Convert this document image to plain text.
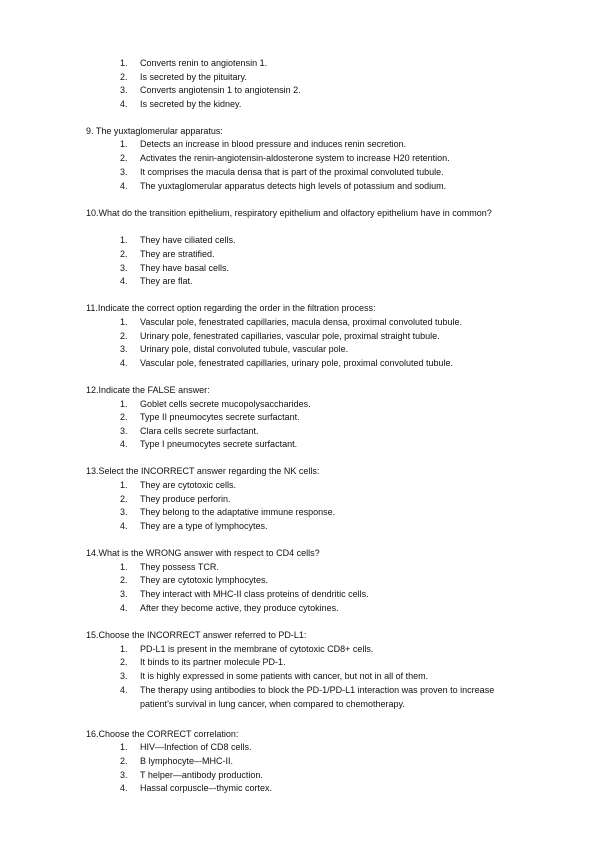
1.	Converts renin to angiotensin 1.
2.	Is secreted by the pituitary.
3.	Converts angiotensin 1 to angiotensin 2.
4.	Is secreted by the kidney.
9. The yuxtaglomerular apparatus:
1.	Detects an increase in blood pressure and induces renin secretion.
2.	Activates the renin-angiotensin-aldosterone system to increase H20 retention.
3.	It comprises the macula densa that is part of the proximal convoluted tubule.
4.	The yuxtaglomerular apparatus detects high levels of potassium and sodium.
10.What do the transition epithelium, respiratory epithelium and olfactory epithelium have in common?
1.	They have ciliated cells.
2.	They are stratified.
3.	They have basal cells.
4.	They are flat.
11.Indicate the correct option regarding the order in the filtration process:
1.	Vascular pole, fenestrated capillaries, macula densa, proximal convoluted tubule.
2.	Urinary pole, fenestrated capillaries, vascular pole, proximal straight tubule.
3.	Urinary pole, distal convoluted tubule, vascular pole.
4.	Vascular pole, fenestrated capillaries, urinary pole, proximal convoluted tubule.
12.Indicate the FALSE answer:
1.	Goblet cells secrete mucopolysaccharides.
2.	Type II pneumocytes secrete surfactant.
3.	Clara cells secrete surfactant.
4.	Type I pneumocytes secrete surfactant.
13.Select the INCORRECT answer regarding the NK cells:
1.	They are cytotoxic cells.
2.	They produce perforin.
3.	They belong to the adaptative immune response.
4.	They are a type of lymphocytes.
14.What is the WRONG answer with respect to CD4 cells?
1.	They possess TCR.
2.	They are cytotoxic lymphocytes.
3.	They interact with MHC-II class proteins of dendritic cells.
4.	After they become active, they produce cytokines.
15.Choose the INCORRECT answer referred to PD-L1:
1.	PD-L1 is present in the membrane of cytotoxic CD8+ cells.
2.	It binds to its partner molecule PD-1.
3.	It is highly expressed in some patients with cancer, but not in all of them.
4.	The therapy using antibodies to block the PD-1/PD-L1 interaction was proven to increase patient’s survival in lung cancer, when compared to chemotherapy.
16.Choose the CORRECT correlation:
1.	HIV—Infection of CD8 cells.
2.	B lymphocyte–-MHC-II.
3.	T helper—antibody production.
4.	Hassal corpuscle–-thymic cortex.
